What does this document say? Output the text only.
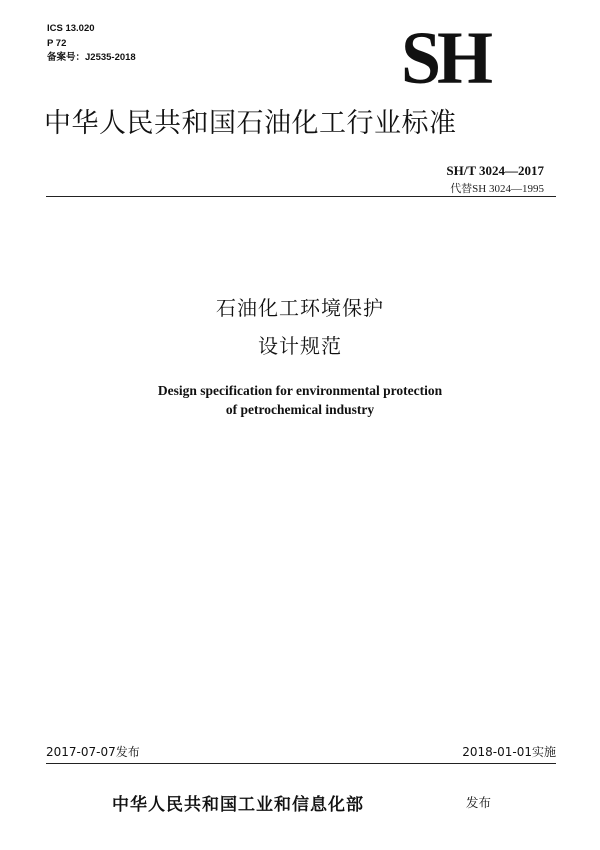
ICS 13.020
P 72
备案号：J2535-2018	SH
中华人民共和国石油化工行业标准
SH/T 3024—2017
代替SH 3024—1995
石油化工环境保护
设计规范
Design specification for environmental protection
of petrochemical industry
2017-07-07发布	2018-01-01实施
中华人民共和国工业和信息化部	发布
